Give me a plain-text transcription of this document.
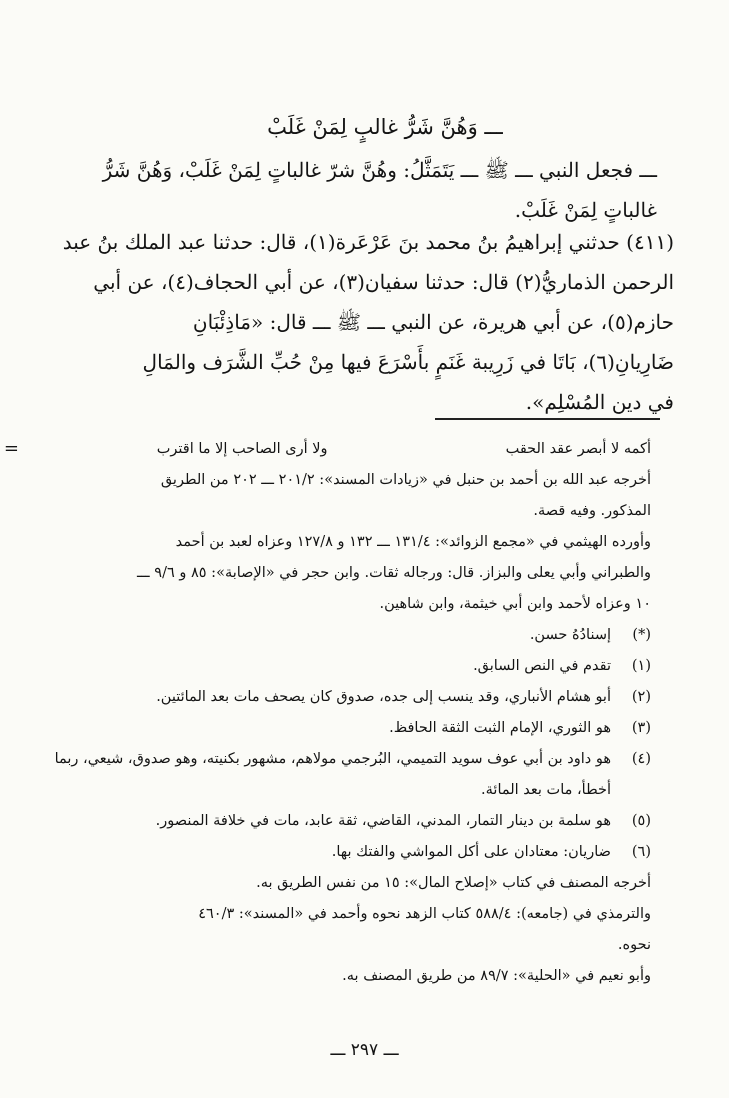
ـــ وَهُنَّ شَرُّ غالبٍ لِمَنْ غَلَبْ
ـــ فجعل النبي ـــ ﷺ ـــ يَتَمَثَّلُ: وهُنَّ شرّ غالباتٍ لِمَنْ غَلَبْ، وَهُنَّ شَرُّ
غالباتٍ لِمَنْ غَلَبْ.
(٤١١) حدثني إبراهيمُ بنُ محمد بنَ عَرْعَرة(١)، قال: حدثنا عبد الملك بنُ عبد
الرحمن الذماريُّ(٢) قال: حدثنا سفيان(٣)، عن أبي الحجاف(٤)، عن أبي
حازم(٥)، عن أبي هريرة، عن النبي ـــ ﷺ ـــ قال: «مَاذِئْبَانِ
ضَارِيانِ(٦)، بَاتَا في زَرِيبة غَنَمٍ بأَسْرَعَ فيها مِنْ حُبِّ الشَّرَف والمَالِ
في دين المُسْلِم».
=	أكمه لا أبصر عقد الحقب
ولا أرى الصاحب إلا ما اقترب
أخرجه عبد الله بن أحمد بن حنبل في «زيادات المسند»: ٢٠١/٢ ـــ ٢٠٢ من الطريق
المذكور. وفيه قصة.
وأورده الهيثمي في «مجمع الزوائد»: ١٣١/٤ ـــ ١٣٢ و ١٢٧/٨ وعزاه لعبد بن أحمد
والطبراني وأبي يعلى والبزاز. قال: ورجاله ثقات. وابن حجر في «الإصابة»: ٨٥ و ٩/٦ ـــ
١٠ وعزاه لأحمد وابن أبي خيثمة، وابن شاهين.
(*)
إسنادُهُ حسن.
(١)
تقدم في النص السابق.
(٢)
أبو هشام الأنباري، وقد ينسب إلى جده، صدوق كان يصحف مات بعد المائتين.
(٣)
هو الثوري، الإمام الثبت الثقة الحافظ.
(٤)
هو داود بن أبي عوف سويد التميمي، البُرجمي مولاهم، مشهور بكنيته، وهو صدوق، شيعي، ربما أخطأ، مات بعد المائة.
(٥)
هو سلمة بن دينار التمار، المدني، القاضي، ثقة عابد، مات في خلافة المنصور.
(٦)
ضاريان: معتادان على أكل المواشي والفتك بها.
أخرجه المصنف في كتاب «إصلاح المال»: ١٥ من نفس الطريق به.
والترمذي في (جامعه): ٥٨٨/٤ كتاب الزهد نحوه وأحمد في «المسند»: ٤٦٠/٣
نحوه.
وأبو نعيم في «الحلية»: ٨٩/٧ من طريق المصنف به.
ـــ ٢٩٧ ـــ
